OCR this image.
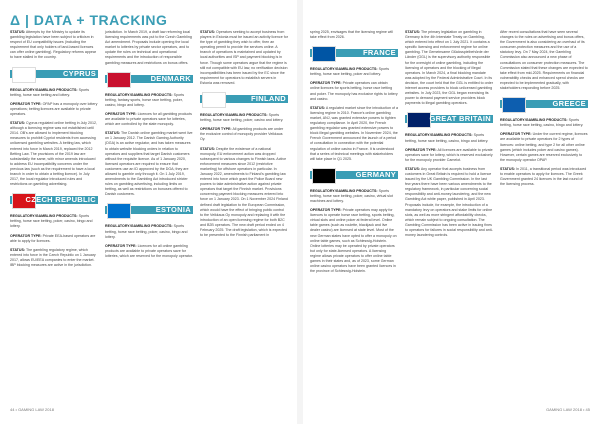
Δ | DATA + TRACKING

STATUS: Attempts by the Ministry to update its gambling legislation have been subject to criticism in respect of EU compatibility issues (including the requirement that only holders of land-based licences can offer online gambling). Regulatory reforms appear to have stalled in the country.

CYPRUS

REGULATORY/GAMBLING PRODUCTS: Sports betting, horse race betting and lottery.

OPERATOR TYPE: OPAP has a monopoly over lottery operations; betting licences are available to private operators.

STATUS: Cyprus regulated online betting in July 2012, although a licensing regime was not established until 2014. OB's are allowed to implement blocking measures to prohibit Cypriot residents from accessing unlicensed gambling websites. A betting law, which entered into force in March 2019, replaced the 2012 Betting Law. The provisions of the 2019 law are substantially the same, with minor amends introduced to address EU incompatibility concerns under the previous law (such as the requirement to have a local branch in order to obtain a betting licence). In July 2017, the local regulator introduced rules and restrictions on gambling advertising.

CZECH REPUBLIC

REGULATORY/GAMBLING PRODUCTS: Sports betting, horse race betting, poker, casino, bingo and lottery.

OPERATOR TYPE: Private EEA-based operators are able to apply for licences.

STATUS: The gambling regulatory regime, which entered into force in the Czech Republic on 1 January 2017, allows EU/EEA companies to enter the market. IBP blocking measures are active in the jurisdiction.

jurisdiction. In March 2019, a draft law reforming local licensing requirements was put to the Czech Gambling Act amendment. Proposals include opening the local market to lotteries by private sector operators, and to update the rules on technical and operational requirements and the introduction of responsible gambling measures and restrictions on bonus offers.

DENMARK

REGULATORY/GAMBLING PRODUCTS: Sports betting, fantasy sports, horse race betting, poker, casino, bingo and lottery.

OPERATOR TYPE: Licences for all gambling products are available to private operators save for lotteries, which are controlled by the state monopoly.

STATUS: The Danish online gambling market went live on 1 January 2012. The Danish Gaming Authority (DGA) is an active regulator, and has taken measures to obtain website blocking orders in relation to operators and suppliers that target Danish customers without the requisite licence. As of 1 January 2020, licensed operators are required to ensure that customers use an ID approved by the DGA; they are allowed to gamble only through it. On 1 July 2019, amendments to the Gambling Act introduced stricter rules on gambling advertising, including limits on betting, as well as restrictions on bonuses offered to Danish customers.

ESTONIA

REGULATORY/GAMBLING PRODUCTS: Sports betting, horse race betting, poker, casino, bingo and lottery.

OPERATOR TYPE: Licences for all online gambling products are available to private operators save for lotteries, which are reserved for the monopoly operator.

STATUS: Operators seeking to accept business from players in Estonia must be issued an activity licence for the type of gambling they wish to offer, then an operating permit to provide the services online. A branch of operations is maintained and updated by local authorities and ISP and payment blocking is in force. Though some operators argue that the regime is still not compatible with EU law, no verification decision incompatibilities has been issued by the EC since the requirement for operators to establish servers in Estonia was removed.

FINLAND

REGULATORY/GAMBLING PRODUCTS: Sports betting, horse race betting, poker, casino and lottery.

OPERATOR TYPE: All gambling products are under the exclusive control of monopoly provider Veikkaus Oy.

STATUS: Despite the existence of a national monopoly, EU enforcement action was dropped subsequent to various changes to Finnish laws. Active enforcement measures since 2012 (restrictive marketing) for offshore operators in particular. In January 2022, amendments to Finland's gambling law entered into force which grant the Police Board new powers to take administrative action against private operators that target the Finnish market. Provisions concerning payment blocking measures entered into force on 1 January 2023. On 1 November 2024 Finland defined draft legislation to the European Commission, which would have the effect of bringing public control to the Veikkaus Oy monopoly and replacing it with the introduction of an open licensing regime for both B2C and B2B operators. The new draft period ended on 4 February 2025. The draft legislation, which is expected to be presented to the Finnish parliament in

spring 2025, envisages that the licensing regime will take effect from 2026.

FRANCE

REGULATORY/GAMBLING PRODUCTS: Sports betting, horse race betting, poker and lottery.

OPERATOR TYPE: Private operators can obtain online licences for sports betting, horse race betting and poker. The monopoly has exclusive rights to lottery and casino.

STATUS: A regulated market since the introduction of a licensing regime in 2010. France's online gambling market, ANJ, was granted extensive powers to tighten regulatory compliance. In April 2020, the French gambling regulator was granted extensive powers to block illegal gambling websites. In November 2024, the French Government announced the launch of a period of consultation in connection with the potential regulation of online casino in France. It is understood that a series of technical meetings with stakeholders will take place in Q1 2025.

GERMANY

REGULATORY/GAMBLING PRODUCTS: Sports betting, horse race betting, poker, casino, virtual slot machines and lottery.

OPERATOR TYPE: Private operators may apply for licences to operate horse race betting, sports betting, virtual slots and online poker at federal level. Online table games (such as roulette, blackjack and live dealer casino) are licensed at state level. Most of the new German states have opted to offer a monopoly on online table games, such as Schleswig-Holstein. Online lotteries may be operated by private operators but only for state-licensed operators. A licensing regime allows private operators to offer online table games in their states and, as of 2023, some German online casino operators have been granted licences in the province of Schleswig-Holstein.

STATUS: The primary legislation on gambling in Germany is the 4th Interstate Treaty on Gambling, which entered into effect on 1 July 2021. It contains a specific licensing and enforcement regime for online gambling. The Gemeinsame Glücksspielbehörde der Länder (GGL) is the supervisory authority responsible for the oversight of online gambling, including the licensing of operators and the blocking of illegal operators. In March 2024, a final blocking mandate was adopted by the Federal Administrative Court. In its decision, the court held that the GGL is entitled to order internet access providers to block unlicensed gambling websites. In July 2023, the GGL began exercising its power to demand payment service providers block payments to illegal gambling operators.

GREAT BRITAIN

REGULATORY/GAMBLING PRODUCTS: Sports betting, horse race betting, casino, bingo and lottery.

OPERATOR TYPE: All licences are available to private operators save for lottery, which is reserved exclusively for the monopoly provider Camelot.

STATUS: Any operator that accepts business from customers in Great Britain is required to hold a licence issued by the UK Gambling Commission. In the last few years there have been various amendments to the regulatory framework, in particular concerning social responsibility and anti-money laundering, and the new Gambling Act white paper, published in April 2023. Proposals include, for example, the introduction of a mandatory levy on operators and stake limits for online slots, as well as more stringent affordability checks, which remain subject to ongoing consultation. The Gambling Commission has been active in issuing fines to operators for failures in social responsibility and anti-money laundering controls.

After recent consultations that have seen several changes to the rules on advertising and bonus offers, the Government is also considering an overhaul of its consumer-protection measures and the use of a statutory levy. On 7 May 2024, the Gambling Commission also announced a new phase of consultations on consumer protection measures. The Commission stated that these changes are expected to take effect from mid-2025. Requirements on financial vulnerability checks and enhanced spend checks are expected to be implemented gradually, with stakeholders responding before 2025.

GREECE

REGULATORY/GAMBLING PRODUCTS: Sports betting, horse race betting, casino, bingo and lottery.

OPERATOR TYPE: Under the current regime, licences are available to private operators for 2 types of licences: online betting, and type 2 for all other online games (which includes poker and casino games). However, certain games are reserved exclusively to the monopoly operator OPAP.

STATUS: In 2011, a transitional period was introduced to enable operators to apply for licences. The Greek Government granted 24 licences in the last round of the licensing process.

44 • GAMING LAW 2018	GAMING LAW 2018 • 45
